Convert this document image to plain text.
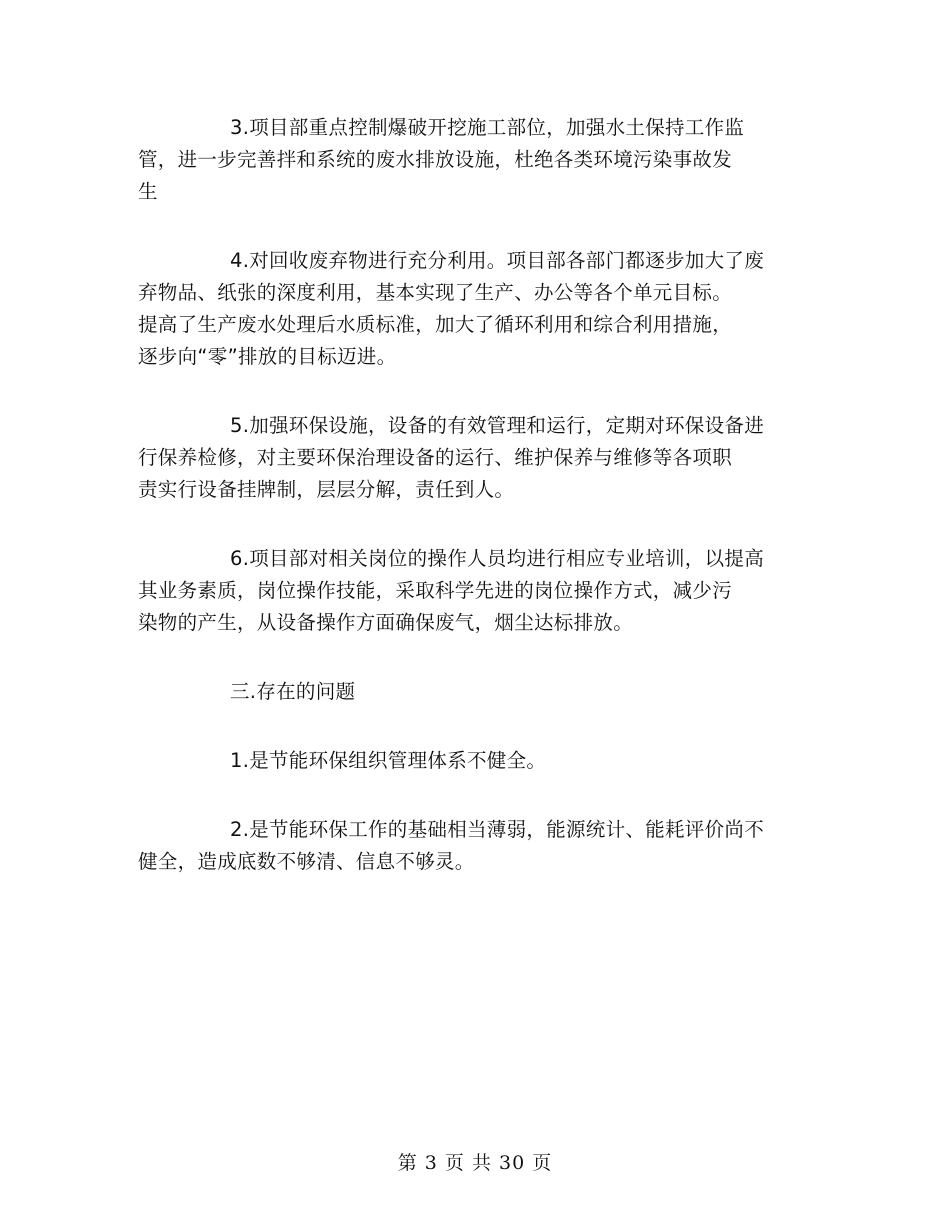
3.项目部重点控制爆破开挖施工部位，加强水土保持工作监
管，进一步完善拌和系统的废水排放设施，杜绝各类环境污染事故发
生
4.对回收废弃物进行充分利用。项目部各部门都逐步加大了废
弃物品、纸张的深度利用，基本实现了生产、办公等各个单元目标。
提高了生产废水处理后水质标准，加大了循环利用和综合利用措施，
逐步向“零”排放的目标迈进。
5.加强环保设施，设备的有效管理和运行，定期对环保设备进
行保养检修，对主要环保治理设备的运行、维护保养与维修等各项职
责实行设备挂牌制，层层分解，责任到人。
6.项目部对相关岗位的操作人员均进行相应专业培训，以提高
其业务素质，岗位操作技能，采取科学先进的岗位操作方式，减少污
染物的产生，从设备操作方面确保废气，烟尘达标排放。
三.存在的问题
1.是节能环保组织管理体系不健全。
2.是节能环保工作的基础相当薄弱，能源统计、能耗评价尚不
健全，造成底数不够清、信息不够灵。
第 3 页 共 30 页
